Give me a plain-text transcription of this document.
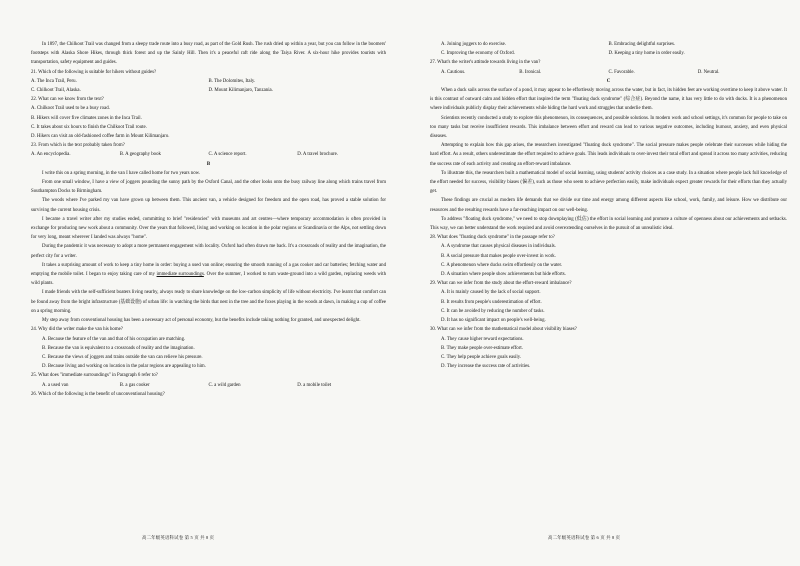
In 1897, the Chilkoot Trail was changed from a sleepy trade route into a busy road, as part of the Gold Rush. The rush dried up within a year, but you can follow in the boomers' footsteps with Alaska Shore Hikes, through thick forest and up the Sainly Hill. Then it's a peaceful raft ride along the Taiya River. A six-hour hike provides tourists with transportation, safety equipment and guides.

21. Which of the following is suitable for hikers without guides?

A. The Inca Trail, Peru.	B. The Dolomites, Italy.

C. Chilkoot Trail, Alaska.	D. Mount Kilimanjaro, Tanzania.

22. What can we know from the text?

A. Chilkoot Trail used to be a busy road.

B. Hikers will cover five climates zones in the Inca Trail.

C. It takes about six hours to finish the Chilkoot Trail route.

D. Hikers can visit an old-fashioned coffee farm in Mount Kilimanjaro.

23. From which is the text probably taken from?

A. An encyclopedia.	B. A geography book	C. A science report.	D. A travel brochure.

B

I write this on a spring morning, in the van I have called home for two years now.

From one small window, I have a view of joggers pounding the sunny path by the Oxford Canal, and the other looks onto the busy railway line along which trains travel from Southampton Docks to Birmingham.

The woods where I've parked my van have grown up between them. This ancient van, a vehicle designed for freedom and the open road, has proved a stable solution for surviving the current housing crisis.

I became a travel writer after my studies ended, committing to brief "residencies" with museums and art centres—where temporary accommodation is often provided in exchange for producing new work about a community. Over the years that followed, living and working on location in the polar regions or Scandinavia or the Alps, not settling down for very long, meant wherever I landed was always "home".

During the pandemic it was necessary to adopt a more permanent engagement with locality. Oxford had often drawn me back. It's a crossroads of reality and the imagination, the perfect city for a writer.

It takes a surprising amount of work to keep a tiny home in order: buying a used van online; ensuring the smooth running of a gas cooker and car batteries; fetching water and emptying the mobile toilet. I began to enjoy taking care of my immediate surroundings. Over the summer, I worked to turn waste-ground into a wild garden, replacing weeds with wild plants.

I made friends with the self-sufficient boaters living nearby, always ready to share knowledge on the low-carbon simplicity of life without electricity. I've learnt that comfort can be found away from the bright infrastructure (基础设施) of urban life: in watching the birds that nest in the tree and the foxes playing in the woods at dawn, in making a cup of coffee on a spring morning.

My step away from conventional housing has been a necessary act of personal economy, but the benefits include taking nothing for granted, and unexpected delight.

24. Why did the writer make the van his home?

A. Because the feature of the van and that of his occupation are matching.

B. Because the van is equivalent to a crossroads of reality and the imagination.

C. Because the views of joggers and trains outside the van can relieve his pressure.

D. Because living and working on location in the polar regions are appealing to him.

25. What does "immediate surroundings" in Paragraph 6 refer to?

A. a used van	B. a gas cooker	C. a wild garden	D. a mobile toilet

26. Which of the following is the benefit of unconventional housing?

A. Joining joggers to do exercise.	B. Embracing delightful surprises.

C. Improving the economy of Oxford.	D. Keeping a tiny home in order easily.

27. What's the writer's attitude towards living in the van?

A. Cautious.	B. Ironical.	C. Favorable.	D. Neutral.

C

When a duck sails across the surface of a pond, it may appear to be effortlessly moving across the water, but in fact, its hidden feet are working overtime to keep it above water. It is this contrast of outward calm and hidden effort that inspired the term "floating duck syndrome" (综合症). Beyond the name, it has very little to do with ducks. It is a phenomenon where individuals publicly display their achievements while hiding the hard work and struggles that underlie them.

Scientists recently conducted a study to explore this phenomenon, its consequences, and possible solutions. In modern work and school settings, it's common for people to take on too many tasks but receive insufficient rewards. This imbalance between effort and reward can lead to various negative outcomes, including burnout, anxiety, and even physical diseases.

Attempting to explain how this gap arises, the researchers investigated "floating duck syndrome". The social pressure makes people celebrate their successes while hiding the hard effort. As a result, others underestimate the effort required to achieve goals. This leads individuals to over-invest their total effort and spread it across too many activities, reducing the success rate of each activity and creating an effort-reward imbalance.

To illustrate this, the researchers built a mathematical model of social learning, using students' activity choices as a case study. In a situation where people lack full knowledge of the effort needed for success, visibility biases (偏差), such as those who seem to achieve perfection easily, make individuals expect greater rewards for their efforts than they actually get.

These findings are crucial as modern life demands that we divide our time and energy among different aspects like school, work, family, and leisure. How we distribute our resources and the resulting rewards have a far-reaching impact on our well-being.

To address "floating duck syndrome," we need to stop downplaying (低估) the effort in social learning and promote a culture of openness about our achievements and setbacks. This way, we can better understand the work required and avoid overextending ourselves in the pursuit of an unrealistic ideal.

28. What does "floating duck syndrome" in the passage refer to?

A. A syndrome that causes physical diseases in individuals.

B. A social pressure that makes people over-invest in work.

C. A phenomenon where ducks swim effortlessly on the water.

D. A situation where people show achievements but hide efforts.

29. What can we infer from the study about the effort-reward imbalance?

A. It is mainly caused by the lack of social support.

B. It results from people's underestimation of effort.

C. It can be avoided by reducing the number of tasks.

D. It has no significant impact on people's well-being.

30. What can we infer from the mathematical model about visibility biases?

A. They cause higher reward expectations.

B. They make people over-estimate effort.

C. They help people achieve goals easily.

D. They increase the success rate of activities.

高二年级英语科试卷 第 5 页 共 8 页	高二年级英语科试卷 第 6 页 共 8 页
